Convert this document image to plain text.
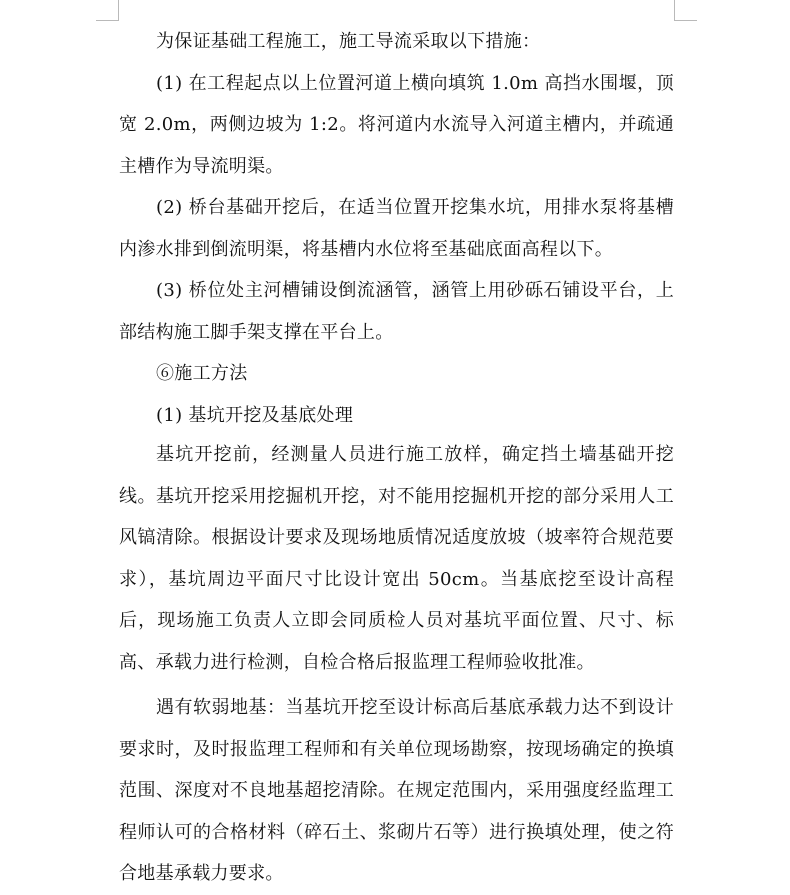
为保证基础工程施工，施工导流采取以下措施：

(1) 在工程起点以上位置河道上横向填筑 1.0m 高挡水围堰，顶宽 2.0m，两侧边坡为 1:2。将河道内水流导入河道主槽内，并疏通主槽作为导流明渠。

(2) 桥台基础开挖后，在适当位置开挖集水坑，用排水泵将基槽内渗水排到倒流明渠，将基槽内水位将至基础底面高程以下。

(3) 桥位处主河槽铺设倒流涵管，涵管上用砂砾石铺设平台，上部结构施工脚手架支撑在平台上。

⑥施工方法

(1) 基坑开挖及基底处理

基坑开挖前，经测量人员进行施工放样，确定挡土墙基础开挖线。基坑开挖采用挖掘机开挖，对不能用挖掘机开挖的部分采用人工风镐清除。根据设计要求及现场地质情况适度放坡（坡率符合规范要求），基坑周边平面尺寸比设计宽出 50cm。当基底挖至设计高程后，现场施工负责人立即会同质检人员对基坑平面位置、尺寸、标高、承载力进行检测，自检合格后报监理工程师验收批准。

遇有软弱地基：当基坑开挖至设计标高后基底承载力达不到设计要求时，及时报监理工程师和有关单位现场勘察，按现场确定的换填范围、深度对不良地基超挖清除。在规定范围内，采用强度经监理工程师认可的合格材料（碎石土、浆砌片石等）进行换填处理，使之符合地基承载力要求。
